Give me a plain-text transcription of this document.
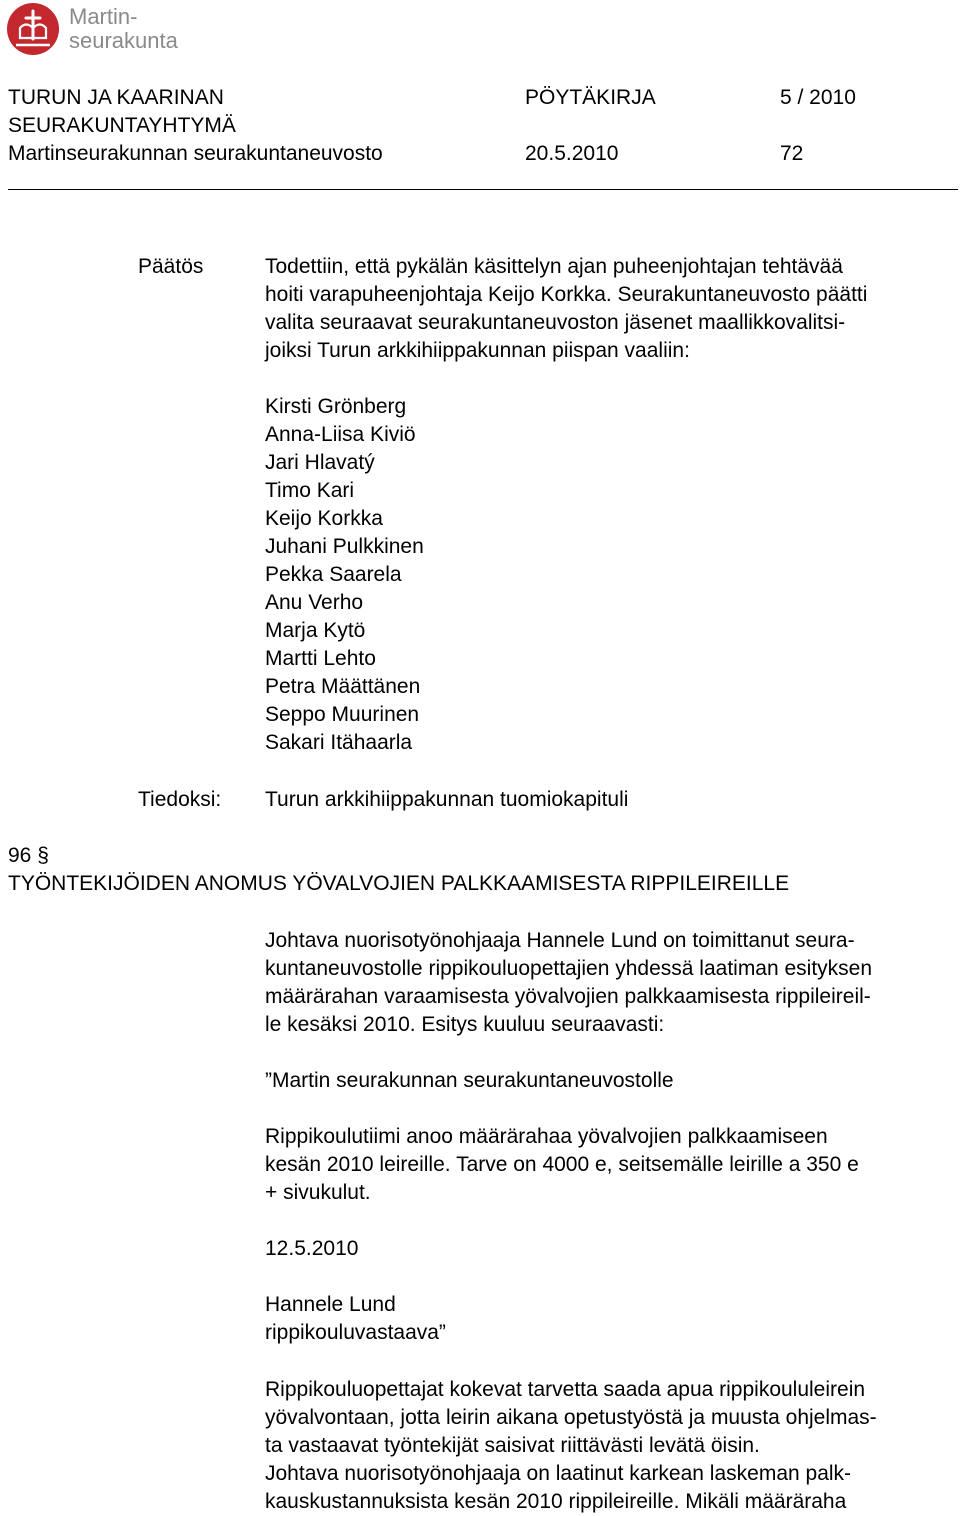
Martin-
seurakunta
TURUN JA KAARINAN
SEURAKUNTAYHTYMÄ
PÖYTÄKIRJA	5 / 2010
Martinseurakunnan seurakuntaneuvosto	20.5.2010	72
Päätös	Todettiin, että pykälän käsittelyn ajan puheenjohtajan tehtävää
hoiti varapuheenjohtaja Keijo Korkka. Seurakuntaneuvosto päätti
valita seuraavat seurakuntaneuvoston jäsenet maallikkovalitsi-
joiksi Turun arkkihiippakunnan piispan vaaliin:
Kirsti Grönberg
Anna-Liisa Kiviö
Jari Hlavatý
Timo Kari
Keijo Korkka
Juhani Pulkkinen
Pekka Saarela
Anu Verho
Marja Kytö
Martti Lehto
Petra Määttänen
Seppo Muurinen
Sakari Itähaarla
Tiedoksi: Turun arkkihiippakunnan tuomiokapituli
96 §
TYÖNTEKIJÖIDEN ANOMUS YÖVALVOJIEN PALKKAAMISESTA RIPPILEIREILLE
Johtava nuorisotyönohjaaja Hannele Lund on toimittanut seura-
kuntaneuvostolle rippikouluopettajien yhdessä laatiman esityksen
määrärahan varaamisesta yövalvojien palkkaamisesta rippileireil-
le kesäksi 2010. Esitys kuuluu seuraavasti:
”Martin seurakunnan seurakuntaneuvostolle
Rippikoulutiimi anoo määrärahaa yövalvojien palkkaamiseen
kesän 2010 leireille. Tarve on 4000 e, seitsemälle leirille a 350 e
+ sivukulut.
12.5.2010
Hannele Lund
rippikouluvastaava”
Rippikouluopettajat kokevat tarvetta saada apua rippikoululeirein
yövalvontaan, jotta leirin aikana opetustyöstä ja muusta ohjelmas-
ta vastaavat työntekijät saisivat riittävästi levätä öisin.
Johtava nuorisotyönohjaaja on laatinut karkean laskeman palk-
kauskustannuksista kesän 2010 rippileireille. Mikäli määräraha
